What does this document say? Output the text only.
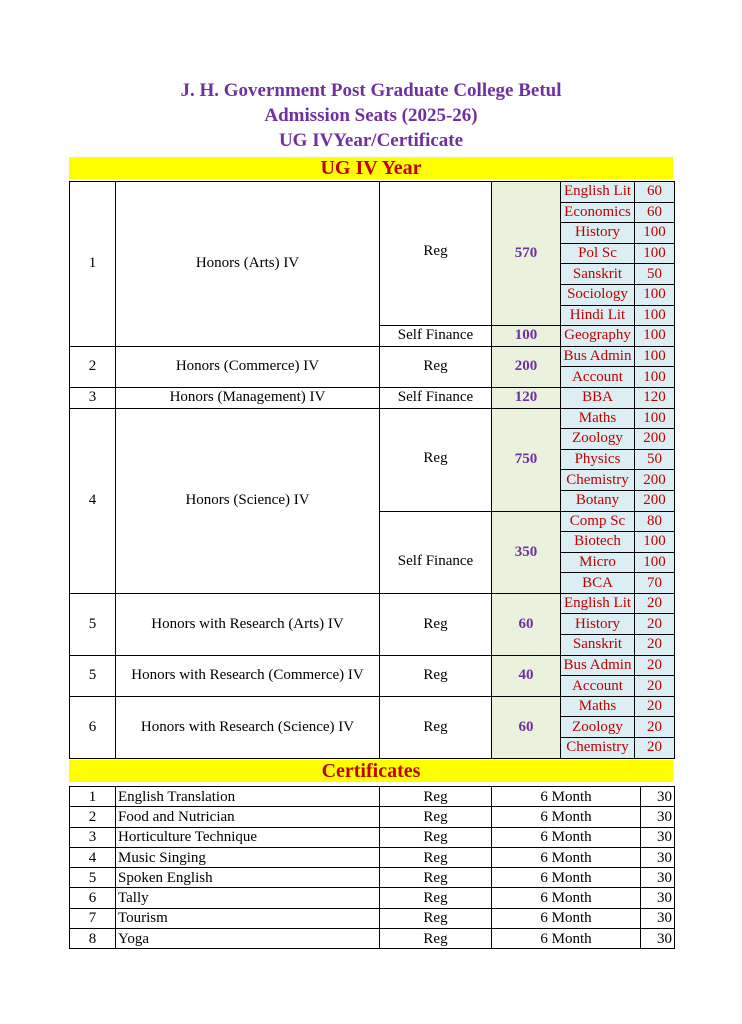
J. H. Government Post Graduate College Betul
Admission Seats (2025-26)
UG IVYear/Certificate
UG IV Year
1	Honors (Arts) IV	Reg	570	English Lit	60
				Economics	60
				History	100
				Pol Sc	100
				Sanskrit	50
				Sociology	100
				Hindi Lit	100
		Self Finance	100	Geography	100
2	Honors (Commerce) IV	Reg	200	Bus Admin	100
				Account	100
3	Honors (Management) IV	Self Finance	120	BBA	120
4	Honors (Science) IV	Reg	750	Maths	100
				Zoology	200
				Physics	50
				Chemistry	200
				Botany	200
		Self Finance	350	Comp Sc	80
				Biotech	100
				Micro	100
				BCA	70
5	Honors with Research (Arts) IV	Reg	60	English Lit	20
				History	20
				Sanskrit	20
5	Honors with Research (Commerce) IV	Reg	40	Bus Admin	20
				Account	20
6	Honors with Research (Science) IV	Reg	60	Maths	20
				Zoology	20
				Chemistry	20
Certificates
1	English Translation	Reg	6 Month	30
2	Food and Nutrician	Reg	6 Month	30
3	Horticulture Technique	Reg	6 Month	30
4	Music Singing	Reg	6 Month	30
5	Spoken English	Reg	6 Month	30
6	Tally	Reg	6 Month	30
7	Tourism	Reg	6 Month	30
8	Yoga	Reg	6 Month	30
